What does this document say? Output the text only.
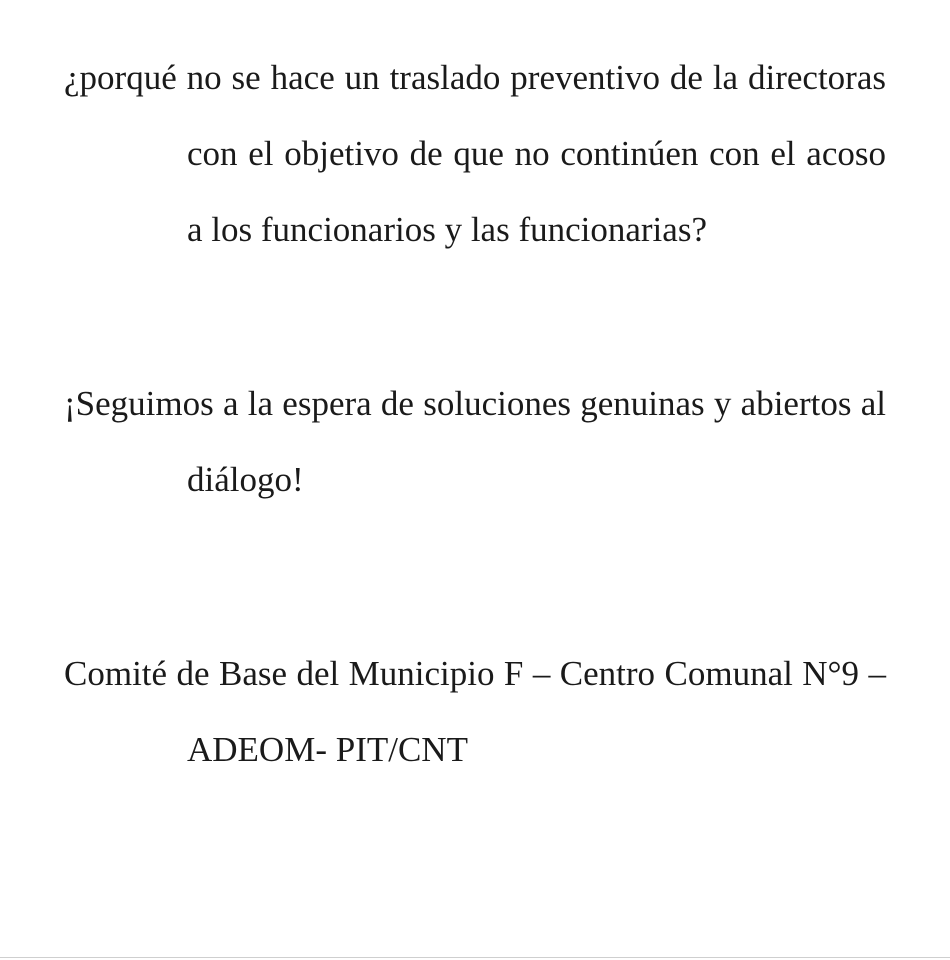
¿porqué no se hace un traslado preventivo de la directoras con el objetivo de que no continúen con el acoso a los funcionarios y las funcionarias?

¡Seguimos a la espera de soluciones genuinas y abiertos al diálogo!

Comité de Base del Municipio F – Centro Comunal N°9 – ADEOM- PIT/CNT
